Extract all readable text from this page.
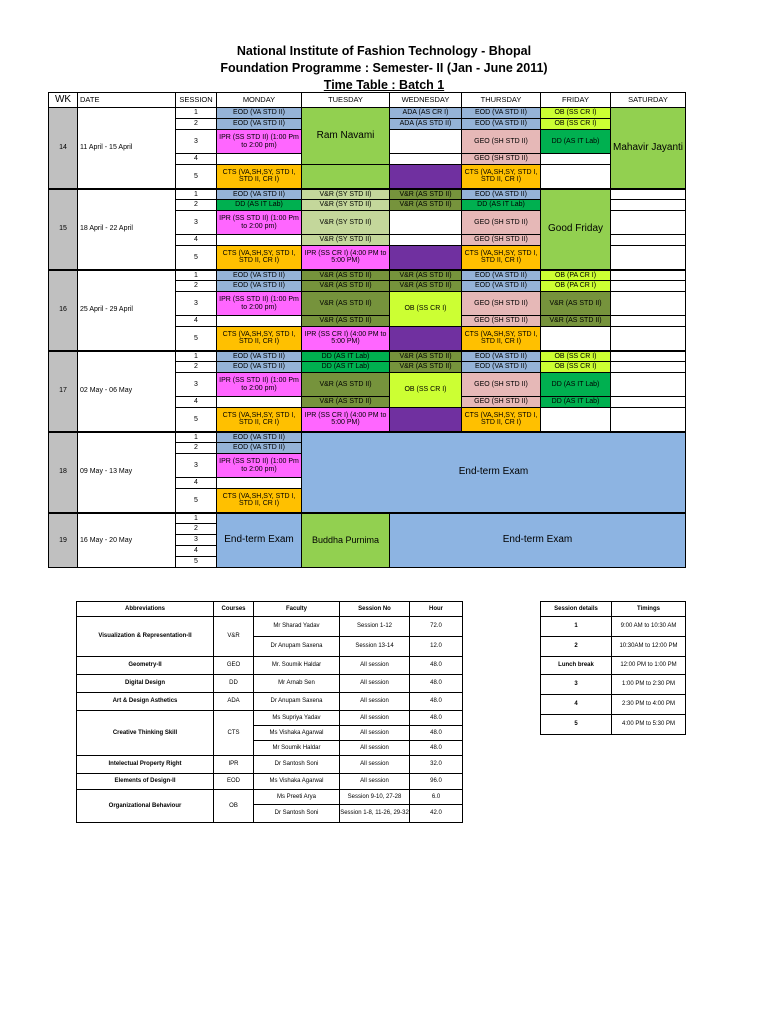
National Institute of Fashion Technology - Bhopal
Foundation Programme : Semester- II (Jan - June 2011)
Time Table : Batch 1
WK	DATE	SESSION	MONDAY	TUESDAY	WEDNESDAY	THURSDAY	FRIDAY	SATURDAY
14	11 April - 15 April	1	EOD (VA STD II)	Ram Navami	ADA (AS CR I)	EOD (VA STD II)	OB (SS CR I)	Mahavir Jayanti
		2	EOD (VA STD II)		ADA (AS STD II)	EOD (VA STD II)	OB (SS CR I)	
		3	IPR (SS STD II) (1:00 Pm to 2:00 pm)			GEO (SH STD II)	DD (AS IT Lab)	
		4				GEO (SH STD II)		
		5	CTS (VA,SH,SY, STD I, STD II, CR I)			CTS (VA,SH,SY, STD I, STD II, CR I)		
15	18 April - 22 April	1	EOD (VA STD II)	V&R (SY STD II)	V&R (AS STD II)	EOD (VA STD II)	Good Friday	
		2	DD (AS IT Lab)	V&R (SY STD II)	V&R (AS STD II)	DD (AS IT Lab)		
		3	IPR (SS STD II) (1:00 Pm to 2:00 pm)	V&R (SY STD II)		GEO (SH STD II)		
		4		V&R (SY STD II)		GEO (SH STD II)		
		5	CTS (VA,SH,SY, STD I, STD II, CR I)	IPR (SS CR I) (4:00 PM to 5:00 PM)		CTS (VA,SH,SY, STD I, STD II, CR I)		
16	25 April - 29 April	1	EOD (VA STD II)	V&R (AS STD II)	V&R (AS STD II)	EOD (VA STD II)	OB (PA CR I)	
		2	EOD (VA STD II)	V&R (AS STD II)	V&R (AS STD II)	EOD (VA STD II)	OB (PA CR I)	
		3	IPR (SS STD II) (1:00 Pm to 2:00 pm)	V&R (AS STD II)	OB (SS CR I)	GEO (SH STD II)	V&R (AS STD II)	
		4		V&R (AS STD II)		GEO (SH STD II)	V&R (AS STD II)	
		5	CTS (VA,SH,SY, STD I, STD II, CR I)	IPR (SS CR I) (4:00 PM to 5:00 PM)		CTS (VA,SH,SY, STD I, STD II, CR I)		
17	02 May - 06 May	1	EOD (VA STD II)	DD (AS IT Lab)	V&R (AS STD II)	EOD (VA STD II)	OB (SS CR I)	
		2	EOD (VA STD II)	DD (AS IT Lab)	V&R (AS STD II)	EOD (VA STD II)	OB (SS CR I)	
		3	IPR (SS STD II) (1:00 Pm to 2:00 pm)	V&R (AS STD II)	OB (SS CR I)	GEO (SH STD II)	DD (AS IT Lab)	
		4		V&R (AS STD II)		GEO (SH STD II)	DD (AS IT Lab)	
		5	CTS (VA,SH,SY, STD I, STD II, CR I)	IPR (SS CR I) (4:00 PM to 5:00 PM)		CTS (VA,SH,SY, STD I, STD II, CR I)		
18	09 May - 13 May	1	EOD (VA STD II)	End-term Exam				
		2	EOD (VA STD II)					
		3	IPR (SS STD II) (1:00 Pm to 2:00 pm)					
		4						
		5	CTS (VA,SH,SY, STD I, STD II, CR I)					
19	16 May - 20 May	1	End-term Exam	Buddha Purnima	End-term Exam			
		2						
		3						
		4						
		5						
Abbreviations	Courses	Faculty	Session No	Hour
Visualization & Representation-II	V&R	Mr Sharad Yadav	Session 1-12	72.0
		Dr Anupam Saxena	Session 13-14	12.0
Geometry-II	GEO	Mr. Soumik Haldar	All session	48.0
Digital Design	DD	Mr Arnab Sen	All session	48.0
Art & Design Asthetics	ADA	Dr Anupam Saxena	All session	48.0
Creative Thinking Skill	CTS	Ms Supriya Yadav	All session	48.0
		Ms Vishaka Agarwal	All session	48.0
		Mr Soumik Haldar	All session	48.0
Intelectual Property Right	IPR	Dr Santosh Soni	All session	32.0
Elements of Design-II	EOD	Ms Vishaka Agarwal	All session	96.0
Organizational Behaviour	OB	Ms Preeti Arya	Session 9-10, 27-28	6.0
		Dr Santosh Soni	Session 1-8, 11-26, 29-32	42.0
Session details	Timings
1	9:00 AM to 10:30 AM
2	10:30AM to 12:00 PM
Lunch break	12:00 PM to 1:00 PM
3	1:00 PM to 2:30 PM
4	2:30 PM to 4:00 PM
5	4:00 PM to 5:30 PM
